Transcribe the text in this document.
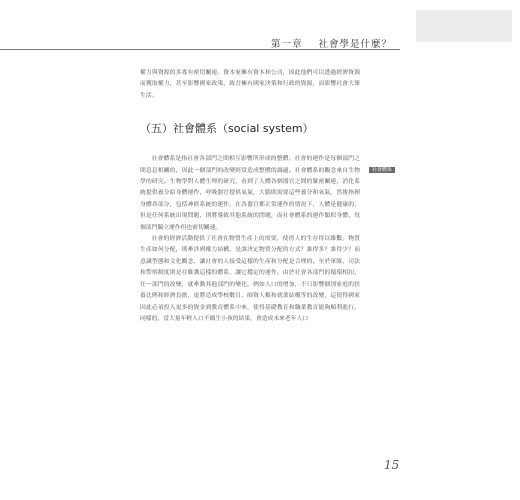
第一章 社會學是什麼？
社會體系

權力與資源的多寡有密切關連。資本家擁有資本和公司，因此他們可以透過經濟資源而獲取權力，甚至影響國家政策，致吾擁有國家決策和行政的資源，而影響社會大眾生活。

（五）社會體系（social system）

社會體系是指社會各部門之間相互影響所形成的整體。社會的運作是每個部門之間息息相關的，因此一個部門的改變經常造成整體的調適。社會體系的觀念來自生物學的研究。生物學對人體生理的研究，看到了人體各個器官之間的緊密關連，消化系統提供養分給身體運作，呼吸器官提供氧氣，大腦則需要這些養分和氧氣，然後指揮身體各部分，包括神經系統的運作。在各器官都正常運作的情況下，人體是健康的，但是任何系統出現問題，則將導致其他系統的問題，而社會體系的運作類似身體，每個部門獨立運作但也密切關連。

社會的經濟活動提供了社會在物質生產上的需要，使得人的生存得以維繫。物質生產如何分配，則牽涉到權力結構，是誰決定物質分配的方式？誰得多？誰得少？而意識型態和文化觀念，讓社會的人接受這樣的生產和分配是合理的，至於軍隊、司法和警察制度則是在維護這樣的體系，讓它穩定的運作。由於社會各部門的環環相扣，任一部門的改變，就牽動其他部門的變化。例如人口的增加，不只影響個別家庭的扶養比例和經濟負擔，更將造成學校數目、師資人數和就業結構等的改變，這使得國家因此必須投入更多的資金到教育體系中來，使得基礎教育和職業教育能夠順利進行。同樣的，當大量年輕人口不願生小孩的結果，會造成未來老年人口

15
